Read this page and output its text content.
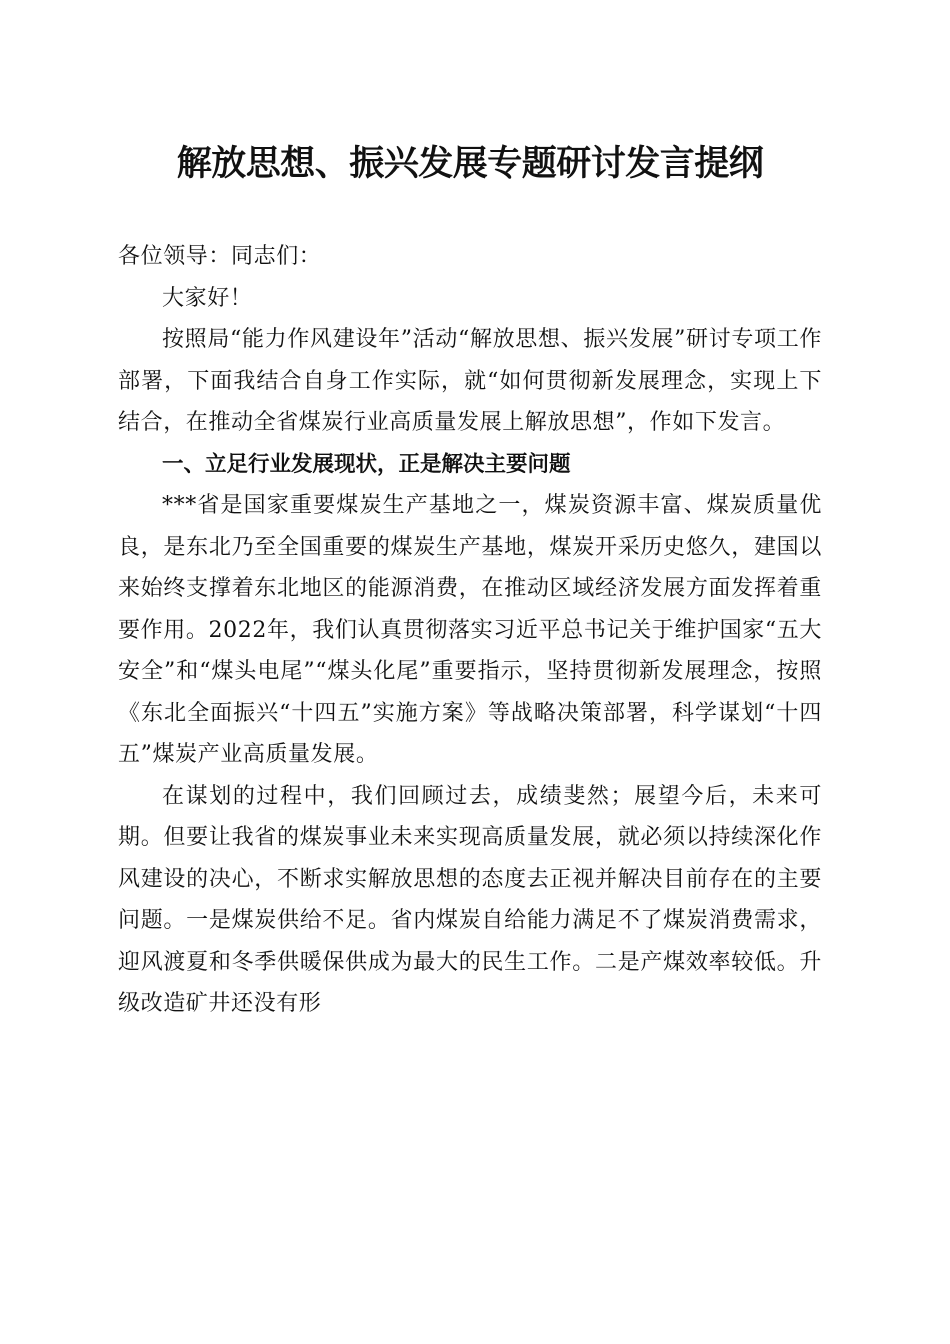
解放思想、振兴发展专题研讨发言提纲

各位领导：同志们：

大家好！

按照局“能力作风建设年”活动“解放思想、振兴发展”研讨专项工作部署，下面我结合自身工作实际，就“如何贯彻新发展理念，实现上下结合，在推动全省煤炭行业高质量发展上解放思想”，作如下发言。

一、立足行业发展现状，正是解决主要问题

***省是国家重要煤炭生产基地之一，煤炭资源丰富、煤炭质量优良，是东北乃至全国重要的煤炭生产基地，煤炭开采历史悠久，建国以来始终支撑着东北地区的能源消费，在推动区域经济发展方面发挥着重要作用。2022年，我们认真贯彻落实习近平总书记关于维护国家“五大安全”和“煤头电尾”“煤头化尾”重要指示，坚持贯彻新发展理念，按照《东北全面振兴“十四五”实施方案》等战略决策部署，科学谋划“十四五”煤炭产业高质量发展。

在谋划的过程中，我们回顾过去，成绩斐然；展望今后，未来可期。但要让我省的煤炭事业未来实现高质量发展，就必须以持续深化作风建设的决心，不断求实解放思想的态度去正视并解决目前存在的主要问题。一是煤炭供给不足。省内煤炭自给能力满足不了煤炭消费需求，迎风渡夏和冬季供暖保供成为最大的民生工作。二是产煤效率较低。升级改造矿井还没有形
